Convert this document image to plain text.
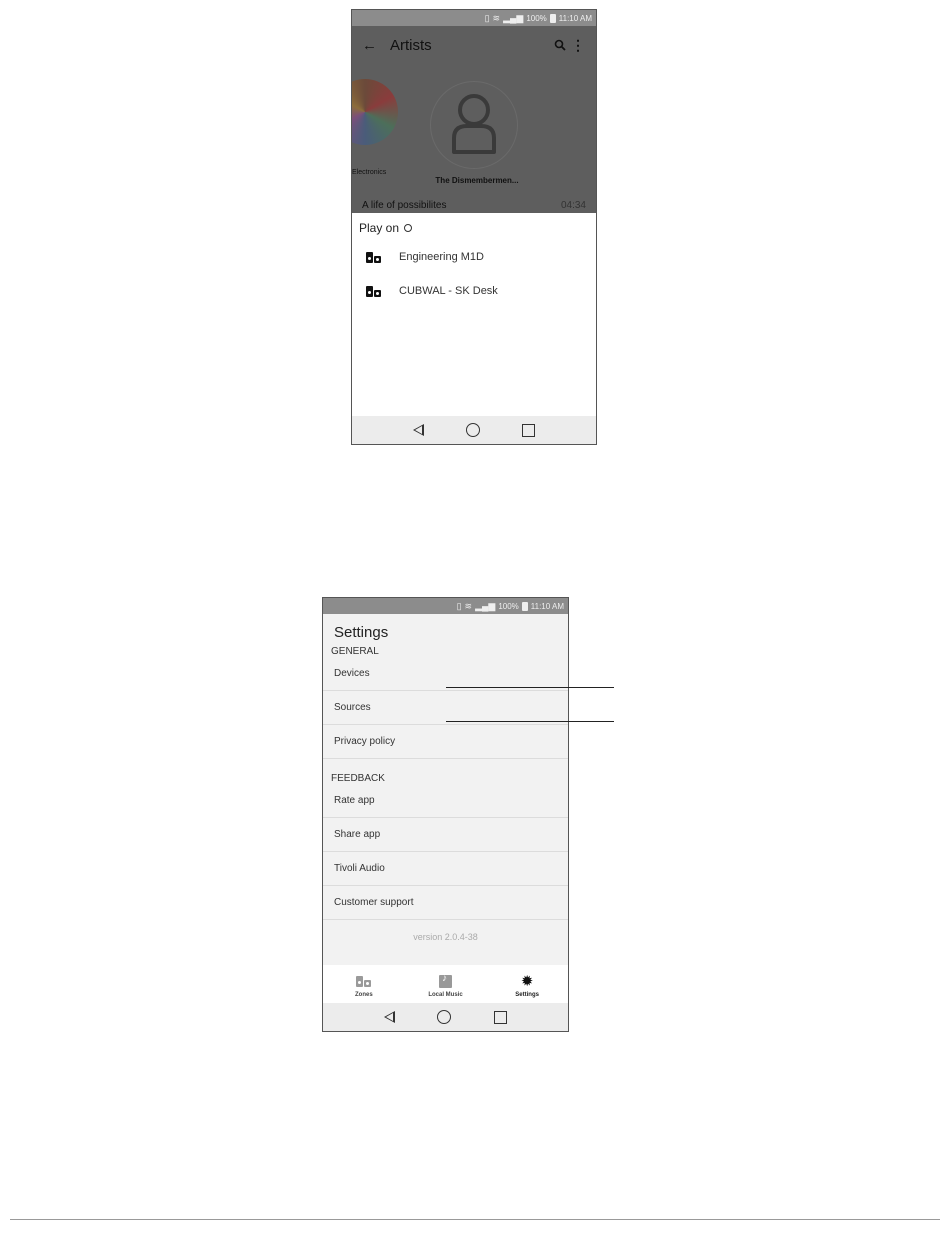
▯ ≋ ▂▄▆ 100% 11:10 AM
← Artists	⋮
Electronics
The Dismembermen...
A life of possibilites	04:34
Play on
Engineering M1D
CUBWAL - SK Desk
▯ ≋ ▂▄▆ 100% 11:10 AM
Settings
GENERAL
Devices
Sources
Privacy policy
FEEDBACK
Rate app
Share app
Tivoli Audio
Customer support
version 2.0.4-38
Zones
♪	Local Music
✹
Settings
